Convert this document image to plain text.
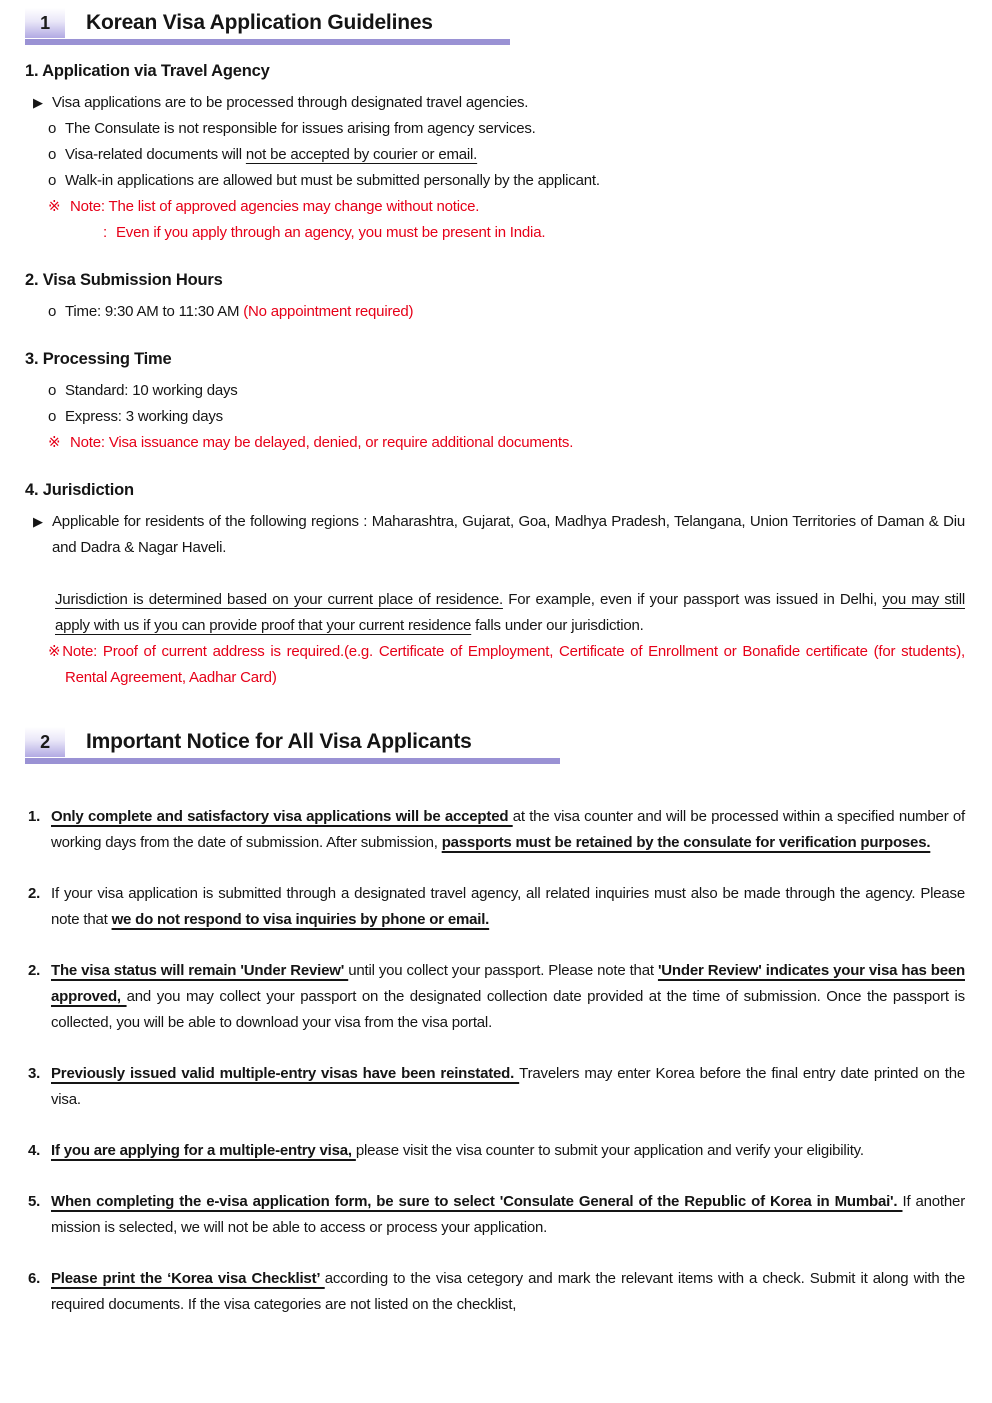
1	Korean Visa Application Guidelines
1. Application via Travel Agency
▶ Visa applications are to be processed through designated travel agencies.
o The Consulate is not responsible for issues arising from agency services.
o Visa-related documents will not be accepted by courier or email.
o Walk-in applications are allowed but must be submitted personally by the applicant.
※ Note: The list of approved agencies may change without notice.
: Even if you apply through an agency, you must be present in India.
2. Visa Submission Hours
o Time: 9:30 AM to 11:30 AM (No appointment required)
3. Processing Time
o Standard: 10 working days
o Express: 3 working days
※ Note: Visa issuance may be delayed, denied, or require additional documents.
4. Jurisdiction
▶ Applicable for residents of the following regions : Maharashtra, Gujarat, Goa, Madhya Pradesh, Telangana, Union Territories of Daman & Diu and Dadra & Nagar Haveli.
Jurisdiction is determined based on your current place of residence. For example, even if your passport was issued in Delhi, you may still apply with us if you can provide proof that your current residence falls under our jurisdiction.
※Note: Proof of current address is required.(e.g. Certificate of Employment, Certificate of Enrollment or Bonafide certificate (for students), Rental Agreement, Aadhar Card)
2	Important Notice for All Visa Applicants
1. Only complete and satisfactory visa applications will be accepted at the visa counter and will be processed within a specified number of working days from the date of submission. After submission, passports must be retained by the consulate for verification purposes.
2. If your visa application is submitted through a designated travel agency, all related inquiries must also be made through the agency. Please note that we do not respond to visa inquiries by phone or email.
2. The visa status will remain 'Under Review' until you collect your passport. Please note that 'Under Review' indicates your visa has been approved, and you may collect your passport on the designated collection date provided at the time of submission. Once the passport is collected, you will be able to download your visa from the visa portal.
3. Previously issued valid multiple-entry visas have been reinstated. Travelers may enter Korea before the final entry date printed on the visa.
4. If you are applying for a multiple-entry visa, please visit the visa counter to submit your application and verify your eligibility.
5. When completing the e-visa application form, be sure to select 'Consulate General of the Republic of Korea in Mumbai'. If another mission is selected, we will not be able to access or process your application.
6. Please print the ‘Korea visa Checklist’ according to the visa cetegory and mark the relevant items with a check. Submit it along with the required documents. If the visa categories are not listed on the checklist,
